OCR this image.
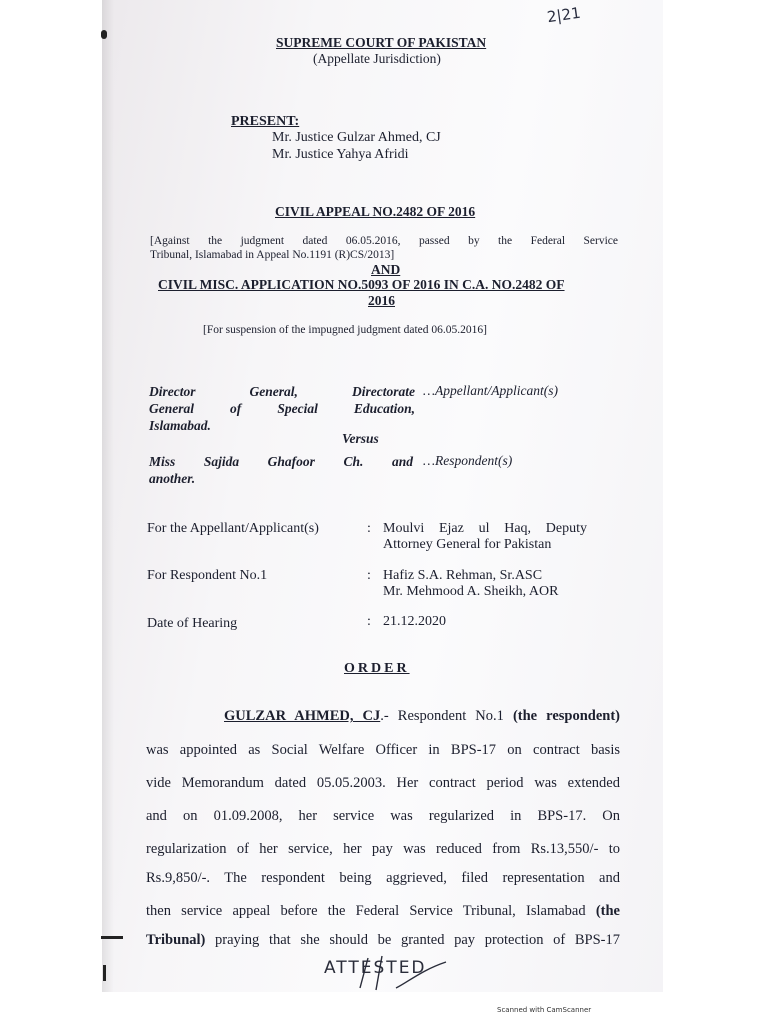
2|21
SUPREME COURT OF PAKISTAN
(Appellate Jurisdiction)
PRESENT:
Mr. Justice Gulzar Ahmed, CJ
Mr. Justice Yahya Afridi
CIVIL APPEAL NO.2482 OF 2016
[Against the judgment dated 06.05.2016, passed by the Federal Service
Tribunal, Islamabad in Appeal No.1191 (R)CS/2013]
AND
CIVIL MISC. APPLICATION NO.5093 OF 2016 IN C.A. NO.2482 OF
2016
[For suspension of the impugned judgment dated 06.05.2016]
Director General, Directorate
General of Special Education,
Islamabad.
…Appellant/Applicant(s)
Versus
Miss Sajida Ghafoor Ch. and
another.
…Respondent(s)
For the Appellant/Applicant(s)	: Moulvi Ejaz ul Haq, Deputy
Attorney General for Pakistan
For Respondent No.1	: Hafiz S.A. Rehman, Sr.ASC
Mr. Mehmood A. Sheikh, AOR
Date of Hearing	: 21.12.2020
ORDER
GULZAR AHMED, CJ.- Respondent No.1 (the respondent)
was appointed as Social Welfare Officer in BPS-17 on contract basis
vide Memorandum dated 05.05.2003. Her contract period was extended
and on 01.09.2008, her service was regularized in BPS-17. On
regularization of her service, her pay was reduced from Rs.13,550/- to
Rs.9,850/-. The respondent being aggrieved, filed representation and
then service appeal before the Federal Service Tribunal, Islamabad (the
Tribunal) praying that she should be granted pay protection of BPS-17
ATTESTED
Scanned with CamScanner
